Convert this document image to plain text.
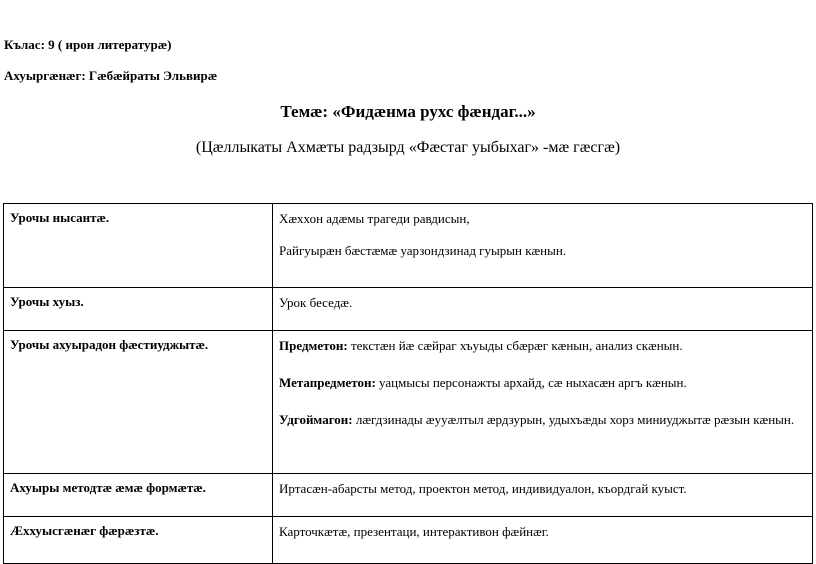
Кълас: 9 ( ирон литературæ)
Ахуыргæнæг: Гæбæйраты Эльвирæ
Темæ: «Фидæнма рухс фæндаг...»
(Цæллыкаты Ахмæты радзырд «Фæстаг уыбыхаг» -мæ гæсгæ)
Урочы нысантæ.	Хæххон адæмы трагеди равдисын,

Райгуырæн бæстæмæ уарзондзинад гуырын кæнын.

Урочы хуыз.	Урок беседæ.

Урочы ахуырадон фæстиуджытæ.	Предметон: текстæн йæ сæйраг хъуыды сбæрæг кæнын, анализ скæнын.

Метапредметон: уацмысы персонажты архайд, сæ ныхасæн аргъ кæнын.

Удгоймагон: лæгдзинады æууæлтыл æрдзурын, удыхъæды хорз миниуджытæ рæзын кæнын.

Ахуыры методтæ æмæ формæтæ.	Иртасæн-абарсты метод, проектон метод, индивидуалон, къордгай куыст.

Æххуысгæнæг фæрæзтæ.	Карточкæтæ, презентаци, интерактивон фæйнæг.
